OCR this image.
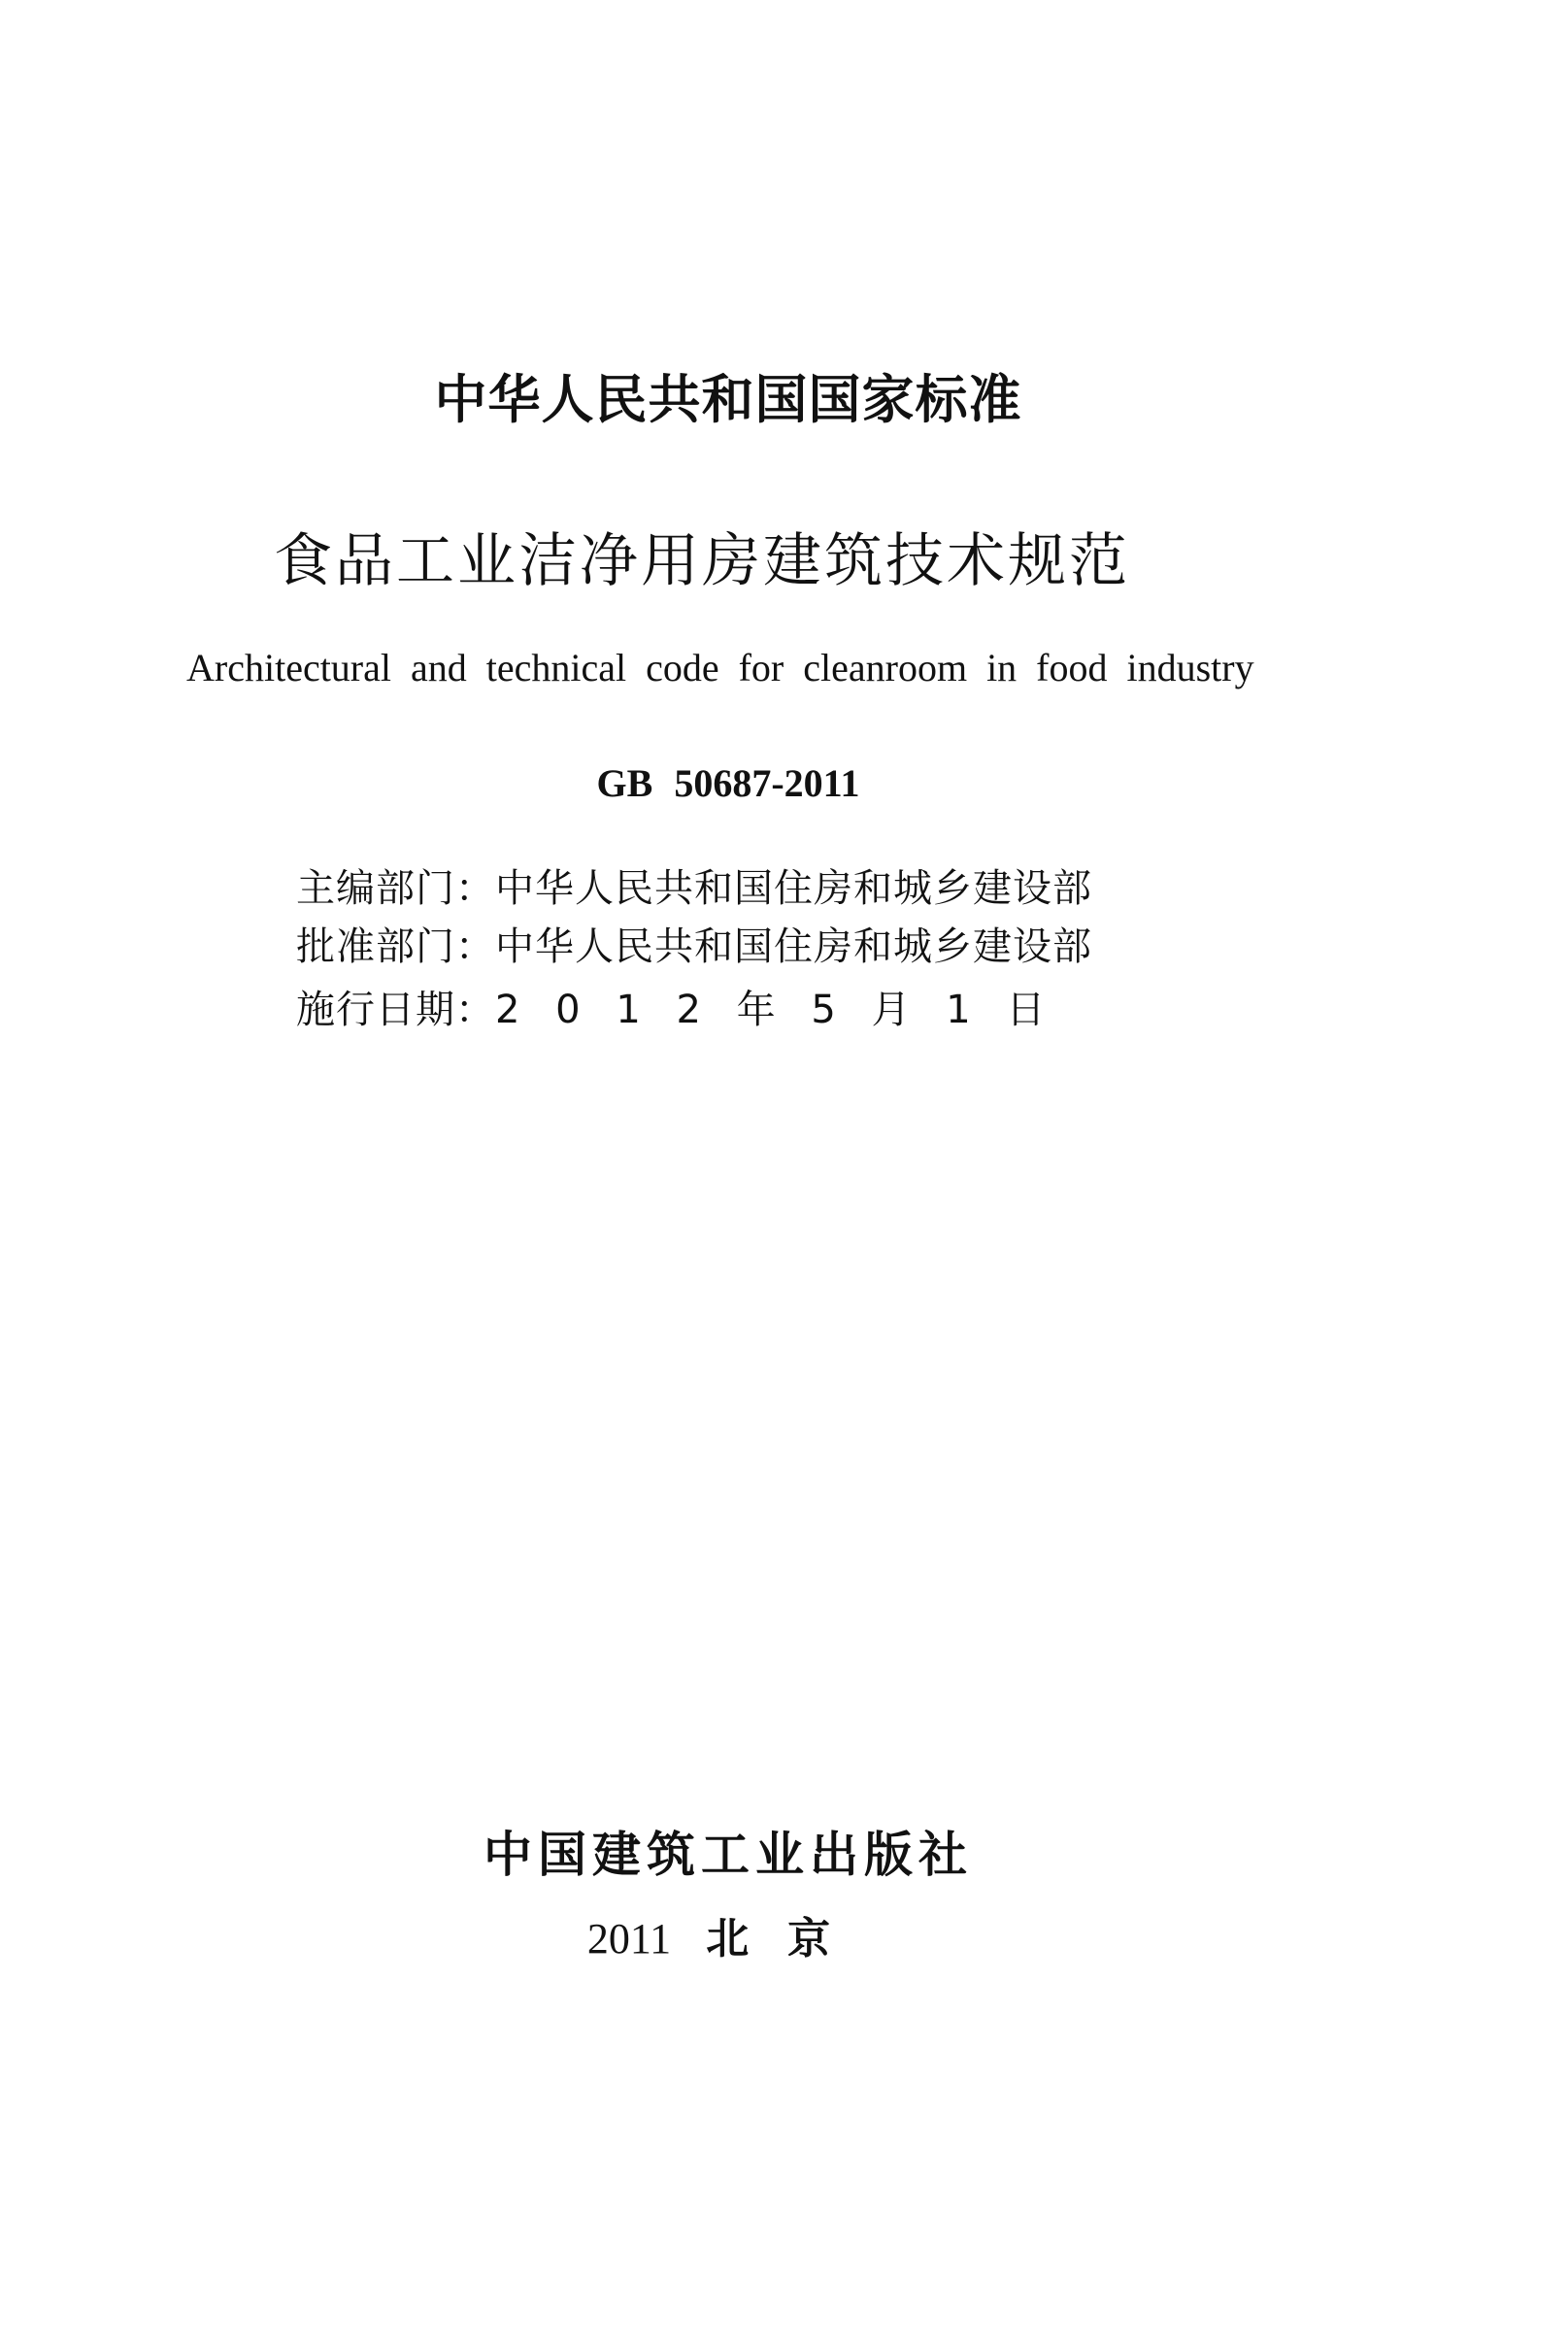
中华人民共和国国家标准
食品工业洁净用房建筑技术规范
Architectural and technical code for cleanroom in food industry
GB 50687-2011
主编部门：中华人民共和国住房和城乡建设部
批准部门：中华人民共和国住房和城乡建设部
施行日期：2 0 1 2 年 5 月 1 日
中国建筑工业出版社
2011 北京
